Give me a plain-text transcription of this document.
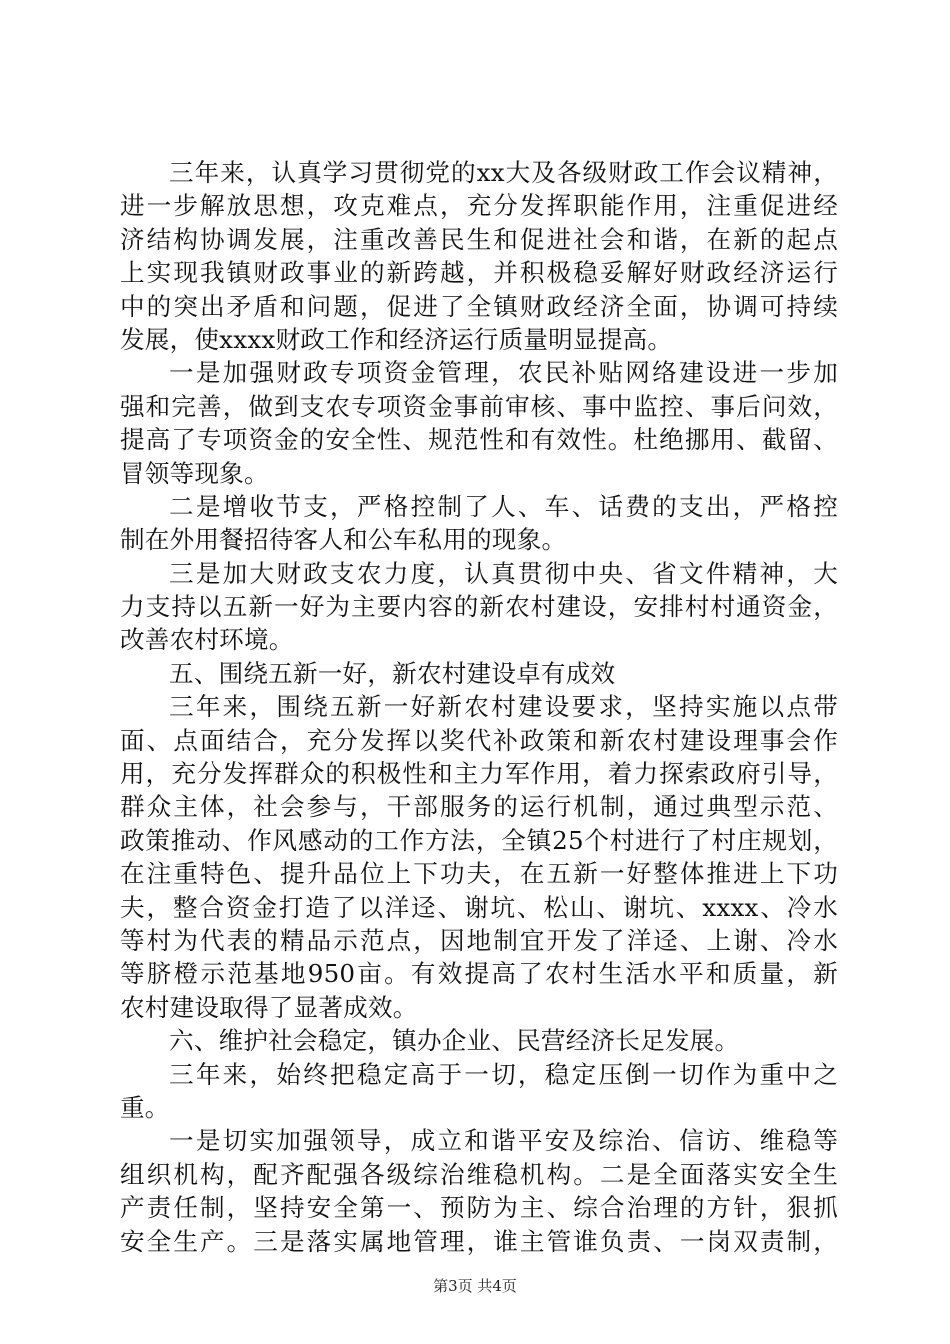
三年来，认真学习贯彻党的xx大及各级财政工作会议精神，
进一步解放思想，攻克难点，充分发挥职能作用，注重促进经
济结构协调发展，注重改善民生和促进社会和谐，在新的起点
上实现我镇财政事业的新跨越，并积极稳妥解好财政经济运行
中的突出矛盾和问题，促进了全镇财政经济全面，协调可持续
发展，使xxxx财政工作和经济运行质量明显提高。
一是加强财政专项资金管理，农民补贴网络建设进一步加
强和完善，做到支农专项资金事前审核、事中监控、事后问效，
提高了专项资金的安全性、规范性和有效性。杜绝挪用、截留、
冒领等现象。
二是增收节支，严格控制了人、车、话费的支出，严格控
制在外用餐招待客人和公车私用的现象。
三是加大财政支农力度，认真贯彻中央、省文件精神，大
力支持以五新一好为主要内容的新农村建设，安排村村通资金，
改善农村环境。
五、围绕五新一好，新农村建设卓有成效
三年来，围绕五新一好新农村建设要求，坚持实施以点带
面、点面结合，充分发挥以奖代补政策和新农村建设理事会作
用，充分发挥群众的积极性和主力军作用，着力探索政府引导，
群众主体，社会参与，干部服务的运行机制，通过典型示范、
政策推动、作风感动的工作方法，全镇25个村进行了村庄规划，
在注重特色、提升品位上下功夫，在五新一好整体推进上下功
夫，整合资金打造了以洋迳、谢坑、松山、谢坑、xxxx、冷水
等村为代表的精品示范点，因地制宜开发了洋迳、上谢、冷水
等脐橙示范基地950亩。有效提高了农村生活水平和质量，新
农村建设取得了显著成效。
六、维护社会稳定，镇办企业、民营经济长足发展。
三年来，始终把稳定高于一切，稳定压倒一切作为重中之
重。
一是切实加强领导，成立和谐平安及综治、信访、维稳等
组织机构，配齐配强各级综治维稳机构。二是全面落实安全生
产责任制，坚持安全第一、预防为主、综合治理的方针，狠抓
安全生产。三是落实属地管理，谁主管谁负责、一岗双责制，
第3页 共4页
